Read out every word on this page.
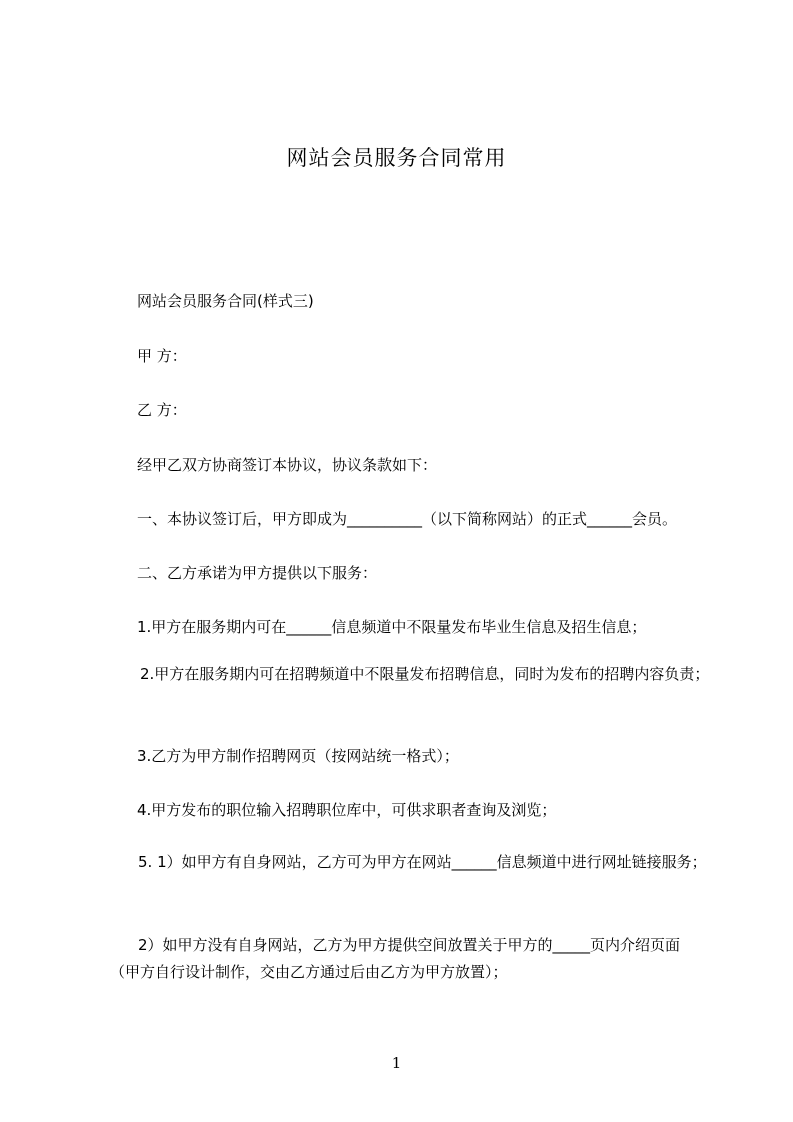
网站会员服务合同常用

网站会员服务合同(样式三)

甲 方：

乙 方：

经甲乙双方协商签订本协议，协议条款如下：

一、本协议签订后，甲方即成为__________（以下简称网站）的正式______会员。

二、乙方承诺为甲方提供以下服务：

1.甲方在服务期内可在______信息频道中不限量发布毕业生信息及招生信息；

2.甲方在服务期内可在招聘频道中不限量发布招聘信息，同时为发布的招聘内容负责；

3.乙方为甲方制作招聘网页（按网站统一格式）；

4.甲方发布的职位输入招聘职位库中，可供求职者查询及浏览；

5. 1）如甲方有自身网站，乙方可为甲方在网站______信息频道中进行网址链接服务；

2）如甲方没有自身网站，乙方为甲方提供空间放置关于甲方的_____页内介绍页面（甲方自行设计制作，交由乙方通过后由乙方为甲方放置）；

1
